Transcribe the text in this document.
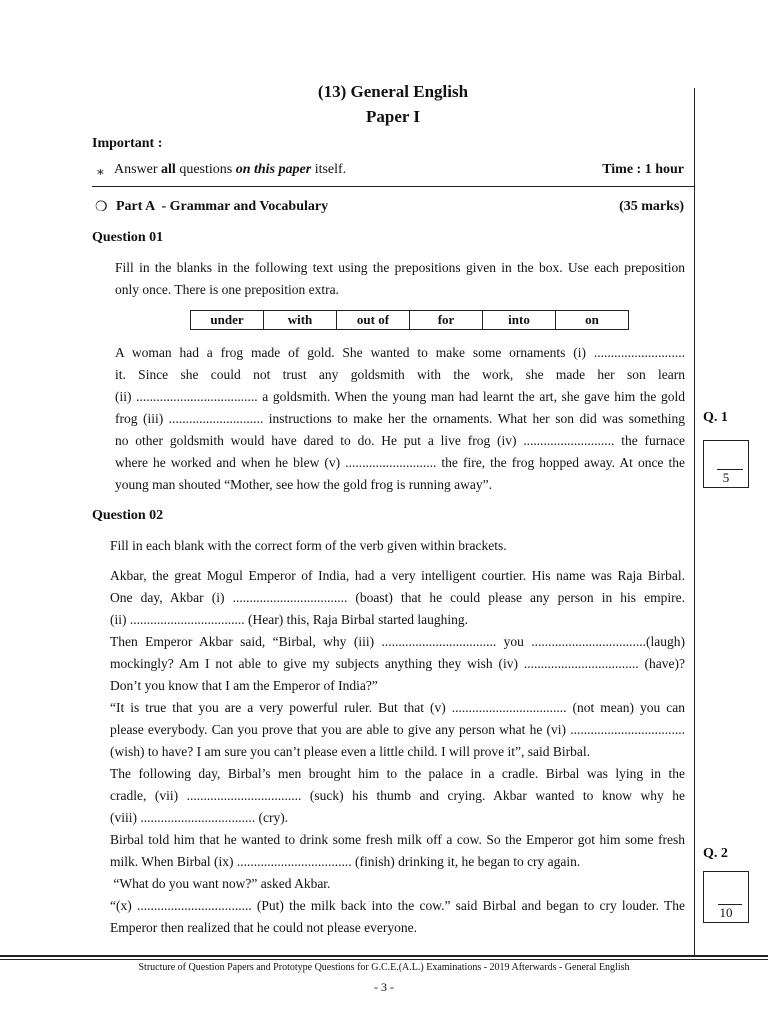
(13) General English
Paper I
Important :
∗ Answer all questions on this paper itself.	Time : 1 hour
❍ Part A  - Grammar and Vocabulary	(35 marks)
Question 01
Fill in the blanks in the following text using the prepositions given in the box. Use each preposition
only once. There is one preposition extra.
under	with	out of	for	into	on
A woman had a frog made of gold. She wanted to make some ornaments (i) ...........................
it. Since she could not trust any goldsmith with the work, she made her son learn
(ii) .................................... a goldsmith. When the young man had learnt the art, she gave him the gold
frog (iii) ............................ instructions to make her the ornaments. What her son did was something
no other goldsmith would have dared to do. He put a live frog (iv) ........................... the furnace
where he worked and when he blew (v) ........................... the fire, the frog hopped away. At once the
young man shouted “Mother, see how the gold frog is running away”.
Q. 1
5
Question 02
Fill in each blank with the correct form of the verb given within brackets.
Akbar, the great Mogul Emperor of India, had a very intelligent courtier. His name was Raja Birbal.
One day, Akbar (i) .................................. (boast) that he could please any person in his empire.
(ii) .................................. (Hear) this, Raja Birbal started laughing.
Then Emperor Akbar said, “Birbal, why (iii) .................................. you ..................................(laugh)
mockingly? Am I not able to give my subjects anything they wish (iv) .................................. (have)?
Don’t you know that I am the Emperor of India?”
“It is true that you are a very powerful ruler. But that (v) .................................. (not mean) you can
please everybody. Can you prove that you are able to give any person what he (vi) ..................................
(wish) to have? I am sure you can’t please even a little child. I will prove it”, said Birbal.
The following day, Birbal’s men brought him to the palace in a cradle. Birbal was lying in the
cradle, (vii) .................................. (suck) his thumb and crying. Akbar wanted to know why he
(viii) .................................. (cry).
Birbal told him that he wanted to drink some fresh milk off a cow. So the Emperor got him some fresh
milk. When Birbal (ix) .................................. (finish) drinking it, he began to cry again.
“What do you want now?” asked Akbar.
“(x) .................................. (Put) the milk back into the cow.” said Birbal and began to cry louder. The
Emperor then realized that he could not please everyone.
Q. 2
10
Structure of Question Papers and Prototype Questions for G.C.E.(A.L.) Examinations - 2019 Afterwards - General English
- 3 -
